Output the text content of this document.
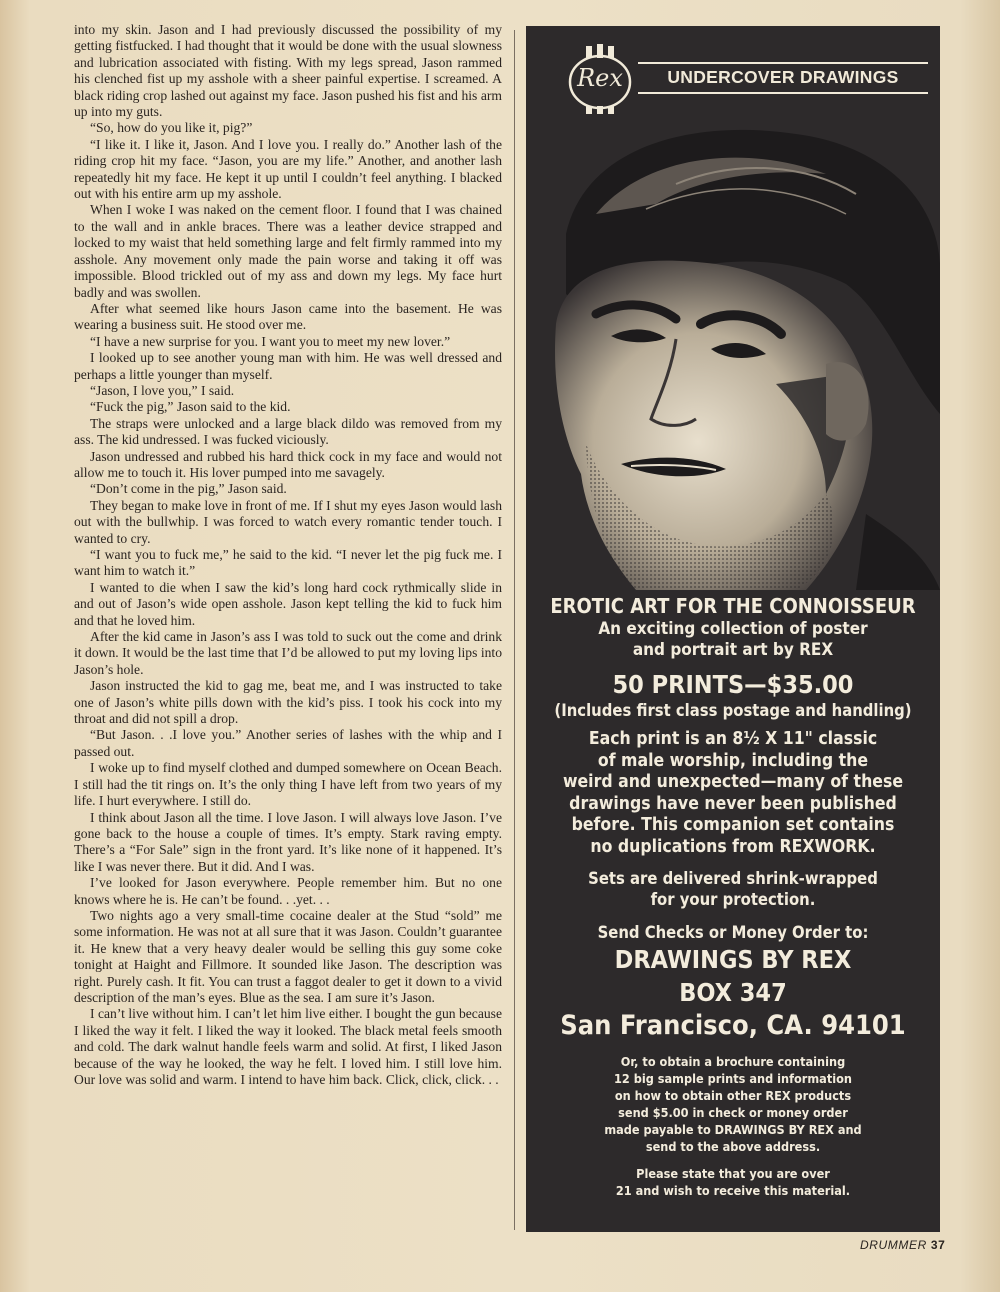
into my skin. Jason and I had previously discussed the possibility of my getting fistfucked. I had thought that it would be done with the usual slowness and lubrication associated with fisting. With my legs spread, Jason rammed his clenched fist up my asshole with a sheer painful expertise. I screamed. A black riding crop lashed out against my face. Jason pushed his fist and his arm up into my guts.

“So, how do you like it, pig?”

“I like it. I like it, Jason. And I love you. I really do.” Another lash of the riding crop hit my face. “Jason, you are my life.” Another, and another lash repeatedly hit my face. He kept it up until I couldn’t feel anything. I blacked out with his entire arm up my asshole.

When I woke I was naked on the cement floor. I found that I was chained to the wall and in ankle braces. There was a leather device strapped and locked to my waist that held something large and felt firmly rammed into my asshole. Any movement only made the pain worse and taking it off was impossible. Blood trickled out of my ass and down my legs. My face hurt badly and was swollen.

After what seemed like hours Jason came into the basement. He was wearing a business suit. He stood over me.

“I have a new surprise for you. I want you to meet my new lover.”

I looked up to see another young man with him. He was well dressed and perhaps a little younger than myself.

“Jason, I love you,” I said.

“Fuck the pig,” Jason said to the kid.

The straps were unlocked and a large black dildo was removed from my ass. The kid undressed. I was fucked viciously.

Jason undressed and rubbed his hard thick cock in my face and would not allow me to touch it. His lover pumped into me savagely.

“Don’t come in the pig,” Jason said.

They began to make love in front of me. If I shut my eyes Jason would lash out with the bullwhip. I was forced to watch every romantic tender touch. I wanted to cry.

“I want you to fuck me,” he said to the kid. “I never let the pig fuck me. I want him to watch it.”

I wanted to die when I saw the kid’s long hard cock rythmically slide in and out of Jason’s wide open asshole. Jason kept telling the kid to fuck him and that he loved him.

After the kid came in Jason’s ass I was told to suck out the come and drink it down. It would be the last time that I’d be allowed to put my loving lips into Jason’s hole.

Jason instructed the kid to gag me, beat me, and I was instructed to take one of Jason’s white pills down with the kid’s piss. I took his cock into my throat and did not spill a drop.

“But Jason. . .I love you.” Another series of lashes with the whip and I passed out.

I woke up to find myself clothed and dumped somewhere on Ocean Beach. I still had the tit rings on. It’s the only thing I have left from two years of my life. I hurt everywhere. I still do.

I think about Jason all the time. I love Jason. I will always love Jason. I’ve gone back to the house a couple of times. It’s empty. Stark raving empty. There’s a “For Sale” sign in the front yard. It’s like none of it happened. It’s like I was never there. But it did. And I was.

I’ve looked for Jason everywhere. People remember him. But no one knows where he is. He can’t be found. . .yet. . .

Two nights ago a very small-time cocaine dealer at the Stud “sold” me some information. He was not at all sure that it was Jason. Couldn’t guarantee it. He knew that a very heavy dealer would be selling this guy some coke tonight at Haight and Fillmore. It sounded like Jason. The description was right. Purely cash. It fit. You can trust a faggot dealer to get it down to a vivid description of the man’s eyes. Blue as the sea. I am sure it’s Jason.

I can’t live without him. I can’t let him live either. I bought the gun because I liked the way it felt. I liked the way it looked. The black metal feels smooth and cold. The dark walnut handle feels warm and solid. At first, I liked Jason because of the way he looked, the way he felt. I loved him. I still love him. Our love was solid and warm. I intend to have him back. Click, click, click. . .

Rex	UNDERCOVER DRAWINGS
EROTIC ART FOR THE CONNOISSEUR
An exciting collection of poster
and portrait art by REX
50 PRINTS—$35.00
(Includes first class postage and handling)
Each print is an 8½ X 11" classic
of male worship, including the
weird and unexpected—many of these
drawings have never been published
before. This companion set contains
no duplications from REXWORK.
Sets are delivered shrink-wrapped
for your protection.
Send Checks or Money Order to:
DRAWINGS BY REX
BOX 347
San Francisco, CA. 94101
Or, to obtain a brochure containing
12 big sample prints and information
on how to obtain other REX products
send $5.00 in check or money order
made payable to DRAWINGS BY REX and
send to the above address.
Please state that you are over
21 and wish to receive this material.
DRUMMER 37
